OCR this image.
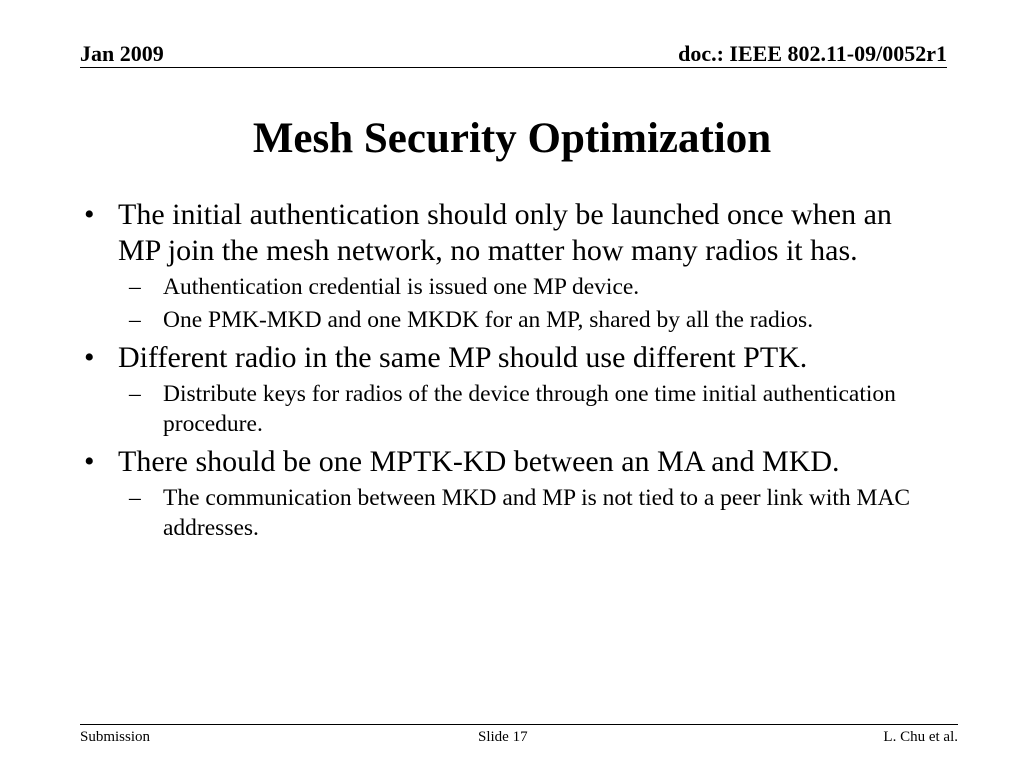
Jan 2009	doc.: IEEE 802.11-09/0052r1
Mesh Security Optimization
• The initial authentication should only be launched once when an MP join the mesh network, no matter how many radios it has.
– Authentication credential is issued one MP device.
– One PMK-MKD and one MKDK for an MP, shared by all the radios.
• Different radio in the same MP should use different PTK.
– Distribute keys for radios of the device through one time initial authentication procedure.
• There should be one MPTK-KD between an MA and MKD.
– The communication between MKD and MP is not tied to a peer link with MAC addresses.
Submission	Slide 17	L. Chu et al.
